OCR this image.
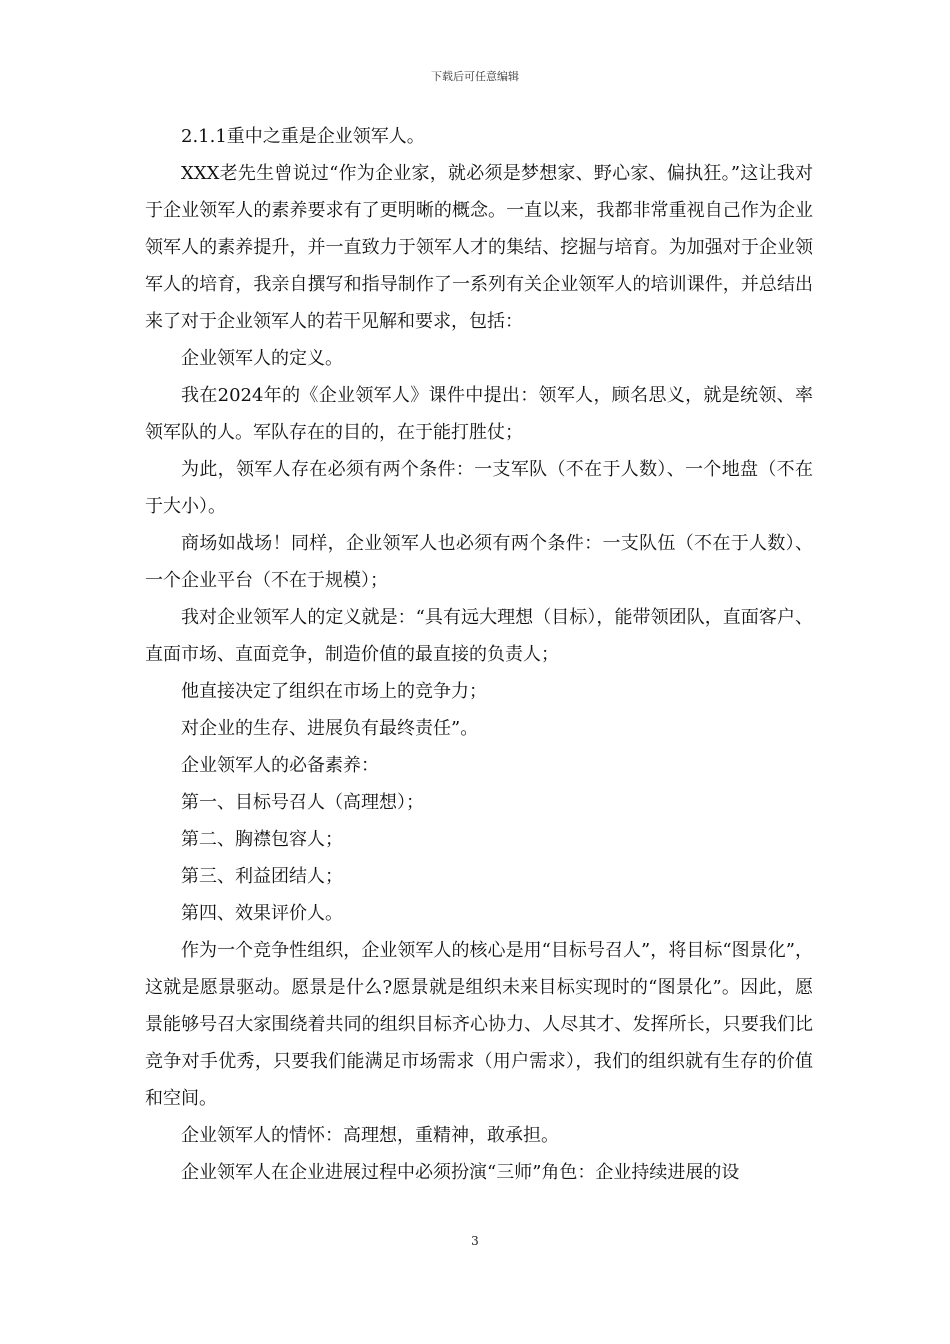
下载后可任意编辑

2.1.1重中之重是企业领军人。

XXX老先生曾说过“作为企业家，就必须是梦想家、野心家、偏执狂。”这让我对于企业领军人的素养要求有了更明晰的概念。一直以来，我都非常重视自己作为企业领军人的素养提升，并一直致力于领军人才的集结、挖掘与培育。为加强对于企业领军人的培育，我亲自撰写和指导制作了一系列有关企业领军人的培训课件，并总结出来了对于企业领军人的若干见解和要求，包括：

企业领军人的定义。

我在2024年的《企业领军人》课件中提出：领军人，顾名思义，就是统领、率领军队的人。军队存在的目的，在于能打胜仗；

为此，领军人存在必须有两个条件：一支军队（不在于人数）、一个地盘（不在于大小）。

商场如战场！同样，企业领军人也必须有两个条件：一支队伍（不在于人数）、一个企业平台（不在于规模）；

我对企业领军人的定义就是：“具有远大理想（目标），能带领团队，直面客户、直面市场、直面竞争，制造价值的最直接的负责人；

他直接决定了组织在市场上的竞争力；

对企业的生存、进展负有最终责任”。

企业领军人的必备素养：

第一、目标号召人（高理想）；

第二、胸襟包容人；

第三、利益团结人；

第四、效果评价人。

作为一个竞争性组织，企业领军人的核心是用“目标号召人”，将目标“图景化”，这就是愿景驱动。愿景是什么?愿景就是组织未来目标实现时的“图景化”。因此，愿景能够号召大家围绕着共同的组织目标齐心协力、人尽其才、发挥所长，只要我们比竞争对手优秀，只要我们能满足市场需求（用户需求），我们的组织就有生存的价值和空间。

企业领军人的情怀：高理想，重精神，敢承担。

企业领军人在企业进展过程中必须扮演“三师”角色：企业持续进展的设

3
